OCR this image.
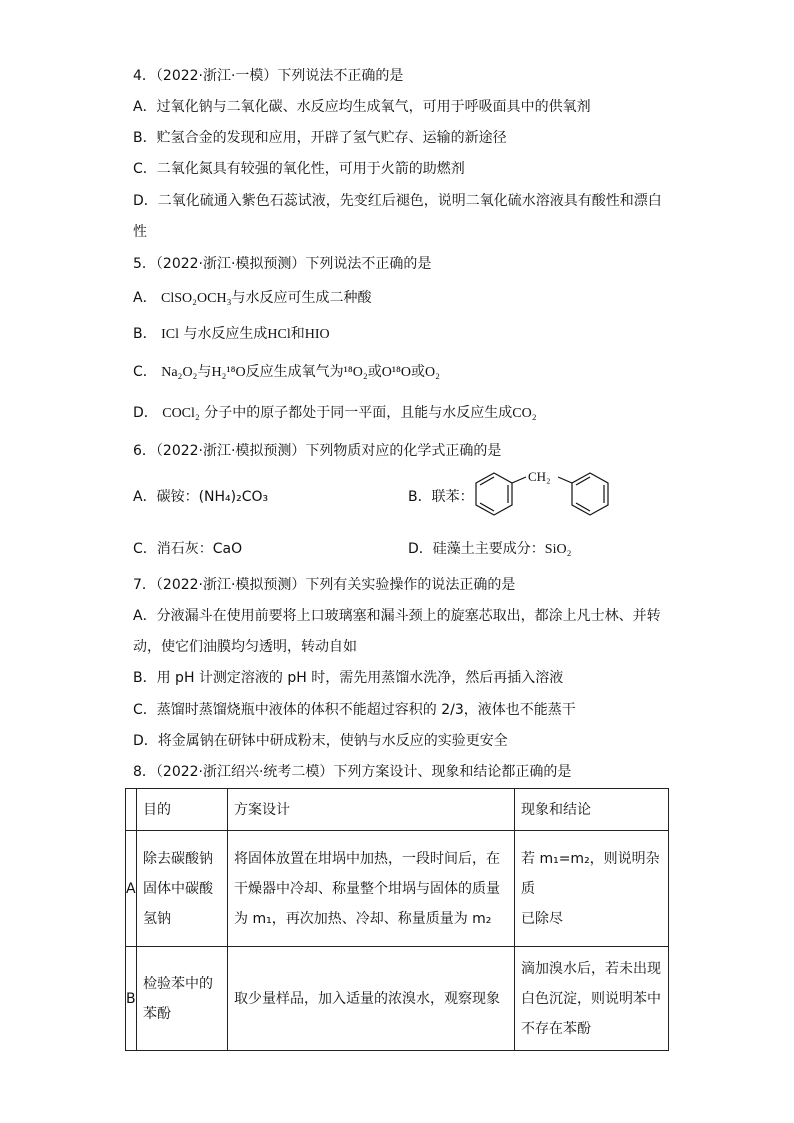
4．（2022·浙江·一模）下列说法不正确的是
A．过氧化钠与二氧化碳、水反应均生成氧气，可用于呼吸面具中的供氧剂
B．贮氢合金的发现和应用，开辟了氢气贮存、运输的新途径
C．二氧化氮具有较强的氧化性，可用于火箭的助燃剂
D．二氧化硫通入紫色石蕊试液，先变红后褪色，说明二氧化硫水溶液具有酸性和漂白
性
5．（2022·浙江·模拟预测）下列说法不正确的是
A． ClSO₂OCH₃与水反应可生成二种酸
B． ICl 与水反应生成HCl和HIO
C． Na₂O₂与H₂¹⁸O反应生成氧气为¹⁸O₂或O¹⁸O或O₂
D． COCl₂ 分子中的原子都处于同一平面，且能与水反应生成CO₂
6．（2022·浙江·模拟预测）下列物质对应的化学式正确的是
A．碳铵：(NH₄)₂CO₃	B．联苯：
CH₂
C．消石灰：CaO	D．硅藻土主要成分：SiO₂
7．（2022·浙江·模拟预测）下列有关实验操作的说法正确的是
A．分液漏斗在使用前要将上口玻璃塞和漏斗颈上的旋塞芯取出，都涂上凡士林、并转
动，使它们油膜均匀透明，转动自如
B．用 pH 计测定溶液的 pH 时，需先用蒸馏水洗净，然后再插入溶液
C．蒸馏时蒸馏烧瓶中液体的体积不能超过容积的 2/3，液体也不能蒸干
D．将金属钠在研钵中研成粉末，使钠与水反应的实验更安全
8．（2022·浙江绍兴·统考二模）下列方案设计、现象和结论都正确的是
	目的	方案设计	现象和结论
A	除去碳酸钠
固体中碳酸
氢钠	将固体放置在坩埚中加热，一段时间后，在
干燥器中冷却、称量整个坩埚与固体的质量
为 m₁，再次加热、冷却、称量质量为 m₂	若 m₁=m₂，则说明杂质
已除尽

B	检验苯中的
苯酚	取少量样品，加入适量的浓溴水，观察现象	滴加溴水后，若未出现
白色沉淀，则说明苯中
不存在苯酚
